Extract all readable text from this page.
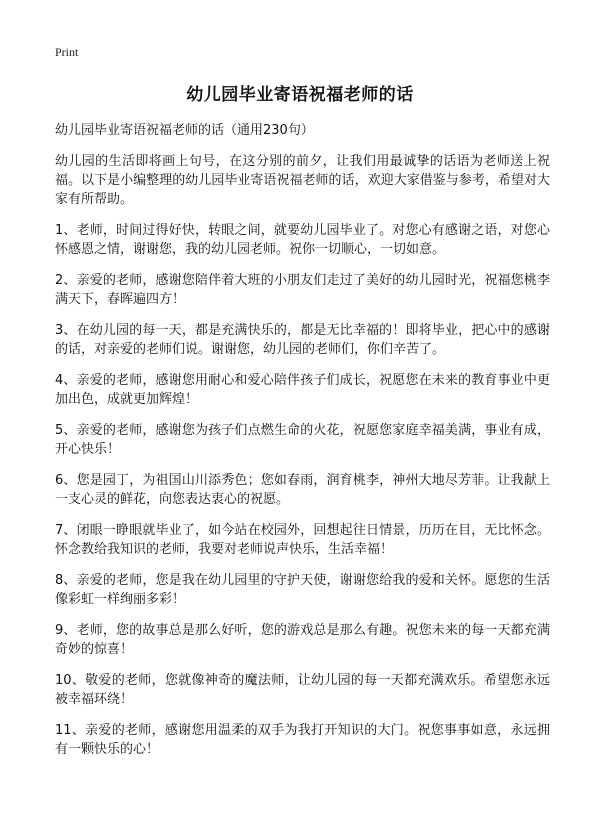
Print
幼儿园毕业寄语祝福老师的话

幼儿园毕业寄语祝福老师的话（通用230句）

幼儿园的生活即将画上句号，在这分别的前夕，让我们用最诚挚的话语为老师送上祝福。以下是小编整理的幼儿园毕业寄语祝福老师的话，欢迎大家借鉴与参考，希望对大家有所帮助。

1、老师，时间过得好快，转眼之间，就要幼儿园毕业了。对您心有感谢之语，对您心怀感恩之情，谢谢您，我的幼儿园老师。祝你一切顺心，一切如意。

2、亲爱的老师，感谢您陪伴着大班的小朋友们走过了美好的幼儿园时光，祝福您桃李满天下，春晖遍四方！

3、在幼儿园的每一天，都是充满快乐的，都是无比幸福的！即将毕业，把心中的感谢的话，对亲爱的老师们说。谢谢您，幼儿园的老师们，你们辛苦了。

4、亲爱的老师，感谢您用耐心和爱心陪伴孩子们成长，祝愿您在未来的教育事业中更加出色，成就更加辉煌！

5、亲爱的老师，感谢您为孩子们点燃生命的火花，祝愿您家庭幸福美满，事业有成，开心快乐！

6、您是园丁，为祖国山川添秀色；您如春雨，润育桃李，神州大地尽芳菲。让我献上一支心灵的鲜花，向您表达衷心的祝愿。

7、闭眼一睁眼就毕业了，如今站在校园外，回想起往日情景，历历在目，无比怀念。怀念教给我知识的老师，我要对老师说声快乐，生活幸福！

8、亲爱的老师，您是我在幼儿园里的守护天使，谢谢您给我的爱和关怀。愿您的生活像彩虹一样绚丽多彩！

9、老师，您的故事总是那么好听，您的游戏总是那么有趣。祝您未来的每一天都充满奇妙的惊喜！

10、敬爱的老师，您就像神奇的魔法师，让幼儿园的每一天都充满欢乐。希望您永远被幸福环绕！

11、亲爱的老师，感谢您用温柔的双手为我打开知识的大门。祝您事事如意，永远拥有一颗快乐的心！
